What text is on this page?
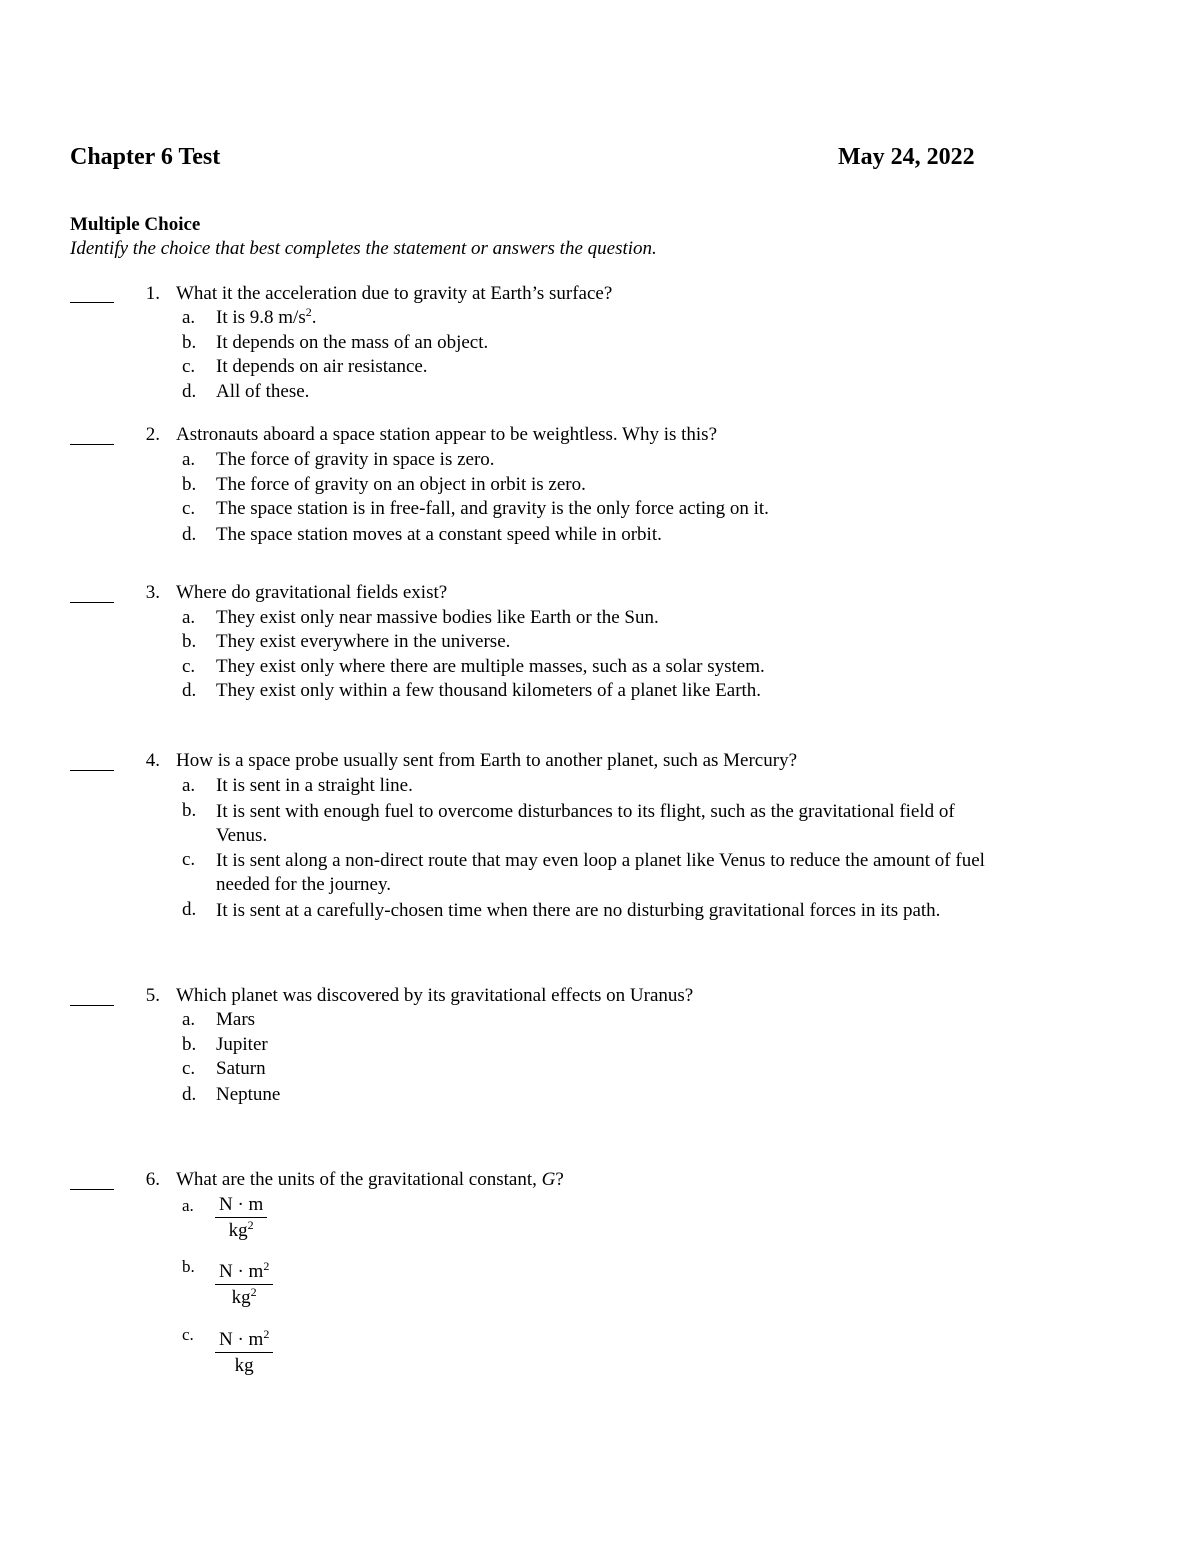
Chapter 6 Test	May 24, 2022
Multiple Choice
Identify the choice that best completes the statement or answers the question.
1. What it the acceleration due to gravity at Earth’s surface?
a. It is 9.8 $m/s^2$.
b. It depends on the mass of an object.
c. It depends on air resistance.
d. All of these.
2. Astronauts aboard a space station appear to be weightless. Why is this?
a. The force of gravity in space is zero.
b. The force of gravity on an object in orbit is zero.
c. The space station is in free-fall, and gravity is the only force acting on it.
d. The space station moves at a constant speed while in orbit.
3. Where do gravitational fields exist?
a. They exist only near massive bodies like Earth or the Sun.
b. They exist everywhere in the universe.
c. They exist only where there are multiple masses, such as a solar system.
d. They exist only within a few thousand kilometers of a planet like Earth.
4. How is a space probe usually sent from Earth to another planet, such as Mercury?
a. It is sent in a straight line.
b. It is sent with enough fuel to overcome disturbances to its flight, such as the gravitational field of Venus.
c. It is sent along a non-direct route that may even loop a planet like Venus to reduce the amount of fuel needed for the journey.
d. It is sent at a carefully-chosen time when there are no disturbing gravitational forces in its path.
5. Which planet was discovered by its gravitational effects on Uranus?
a. Mars
b. Jupiter
c. Saturn
d. Neptune
6. What are the units of the gravitational constant, G?
a. $\frac{N \cdot m}{kg^2}$
b. $\frac{N \cdot m^2}{kg^2}$
c. $\frac{N \cdot m^2}{kg}$
